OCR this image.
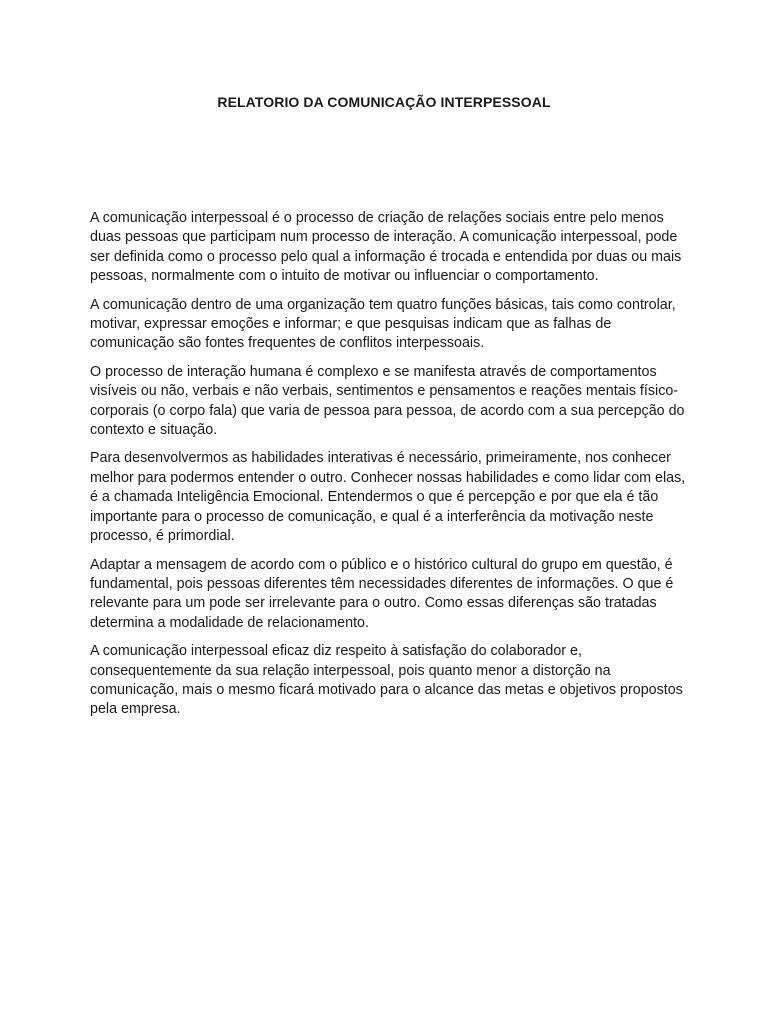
RELATORIO DA COMUNICAÇÃO INTERPESSOAL

A comunicação interpessoal é o processo de criação de relações sociais entre pelo menos duas pessoas que participam num processo de interação. A comunicação interpessoal, pode ser definida como o processo pelo qual a informação é trocada e entendida por duas ou mais pessoas, normalmente com o intuito de motivar ou influenciar o comportamento.

A comunicação dentro de uma organização tem quatro funções básicas, tais como controlar, motivar, expressar emoções e informar; e que pesquisas indicam que as falhas de comunicação são fontes frequentes de conflitos interpessoais.

O processo de interação humana é complexo e se manifesta através de comportamentos visíveis ou não, verbais e não verbais, sentimentos e pensamentos e reações mentais físico-corporais (o corpo fala) que varia de pessoa para pessoa, de acordo com a sua percepção do contexto e situação.

Para desenvolvermos as habilidades interativas é necessário, primeiramente, nos conhecer melhor para podermos entender o outro. Conhecer nossas habilidades e como lidar com elas, é a chamada Inteligência Emocional. Entendermos o que é percepção e por que ela é tão importante para o processo de comunicação, e qual é a interferência da motivação neste processo, é primordial.

Adaptar a mensagem de acordo com o público e o histórico cultural do grupo em questão, é fundamental, pois pessoas diferentes têm necessidades diferentes de informações. O que é relevante para um pode ser irrelevante para o outro. Como essas diferenças são tratadas determina a modalidade de relacionamento.

A comunicação interpessoal eficaz diz respeito à satisfação do colaborador e, consequentemente da sua relação interpessoal, pois quanto menor a distorção na comunicação, mais o mesmo ficará motivado para o alcance das metas e objetivos propostos pela empresa.
